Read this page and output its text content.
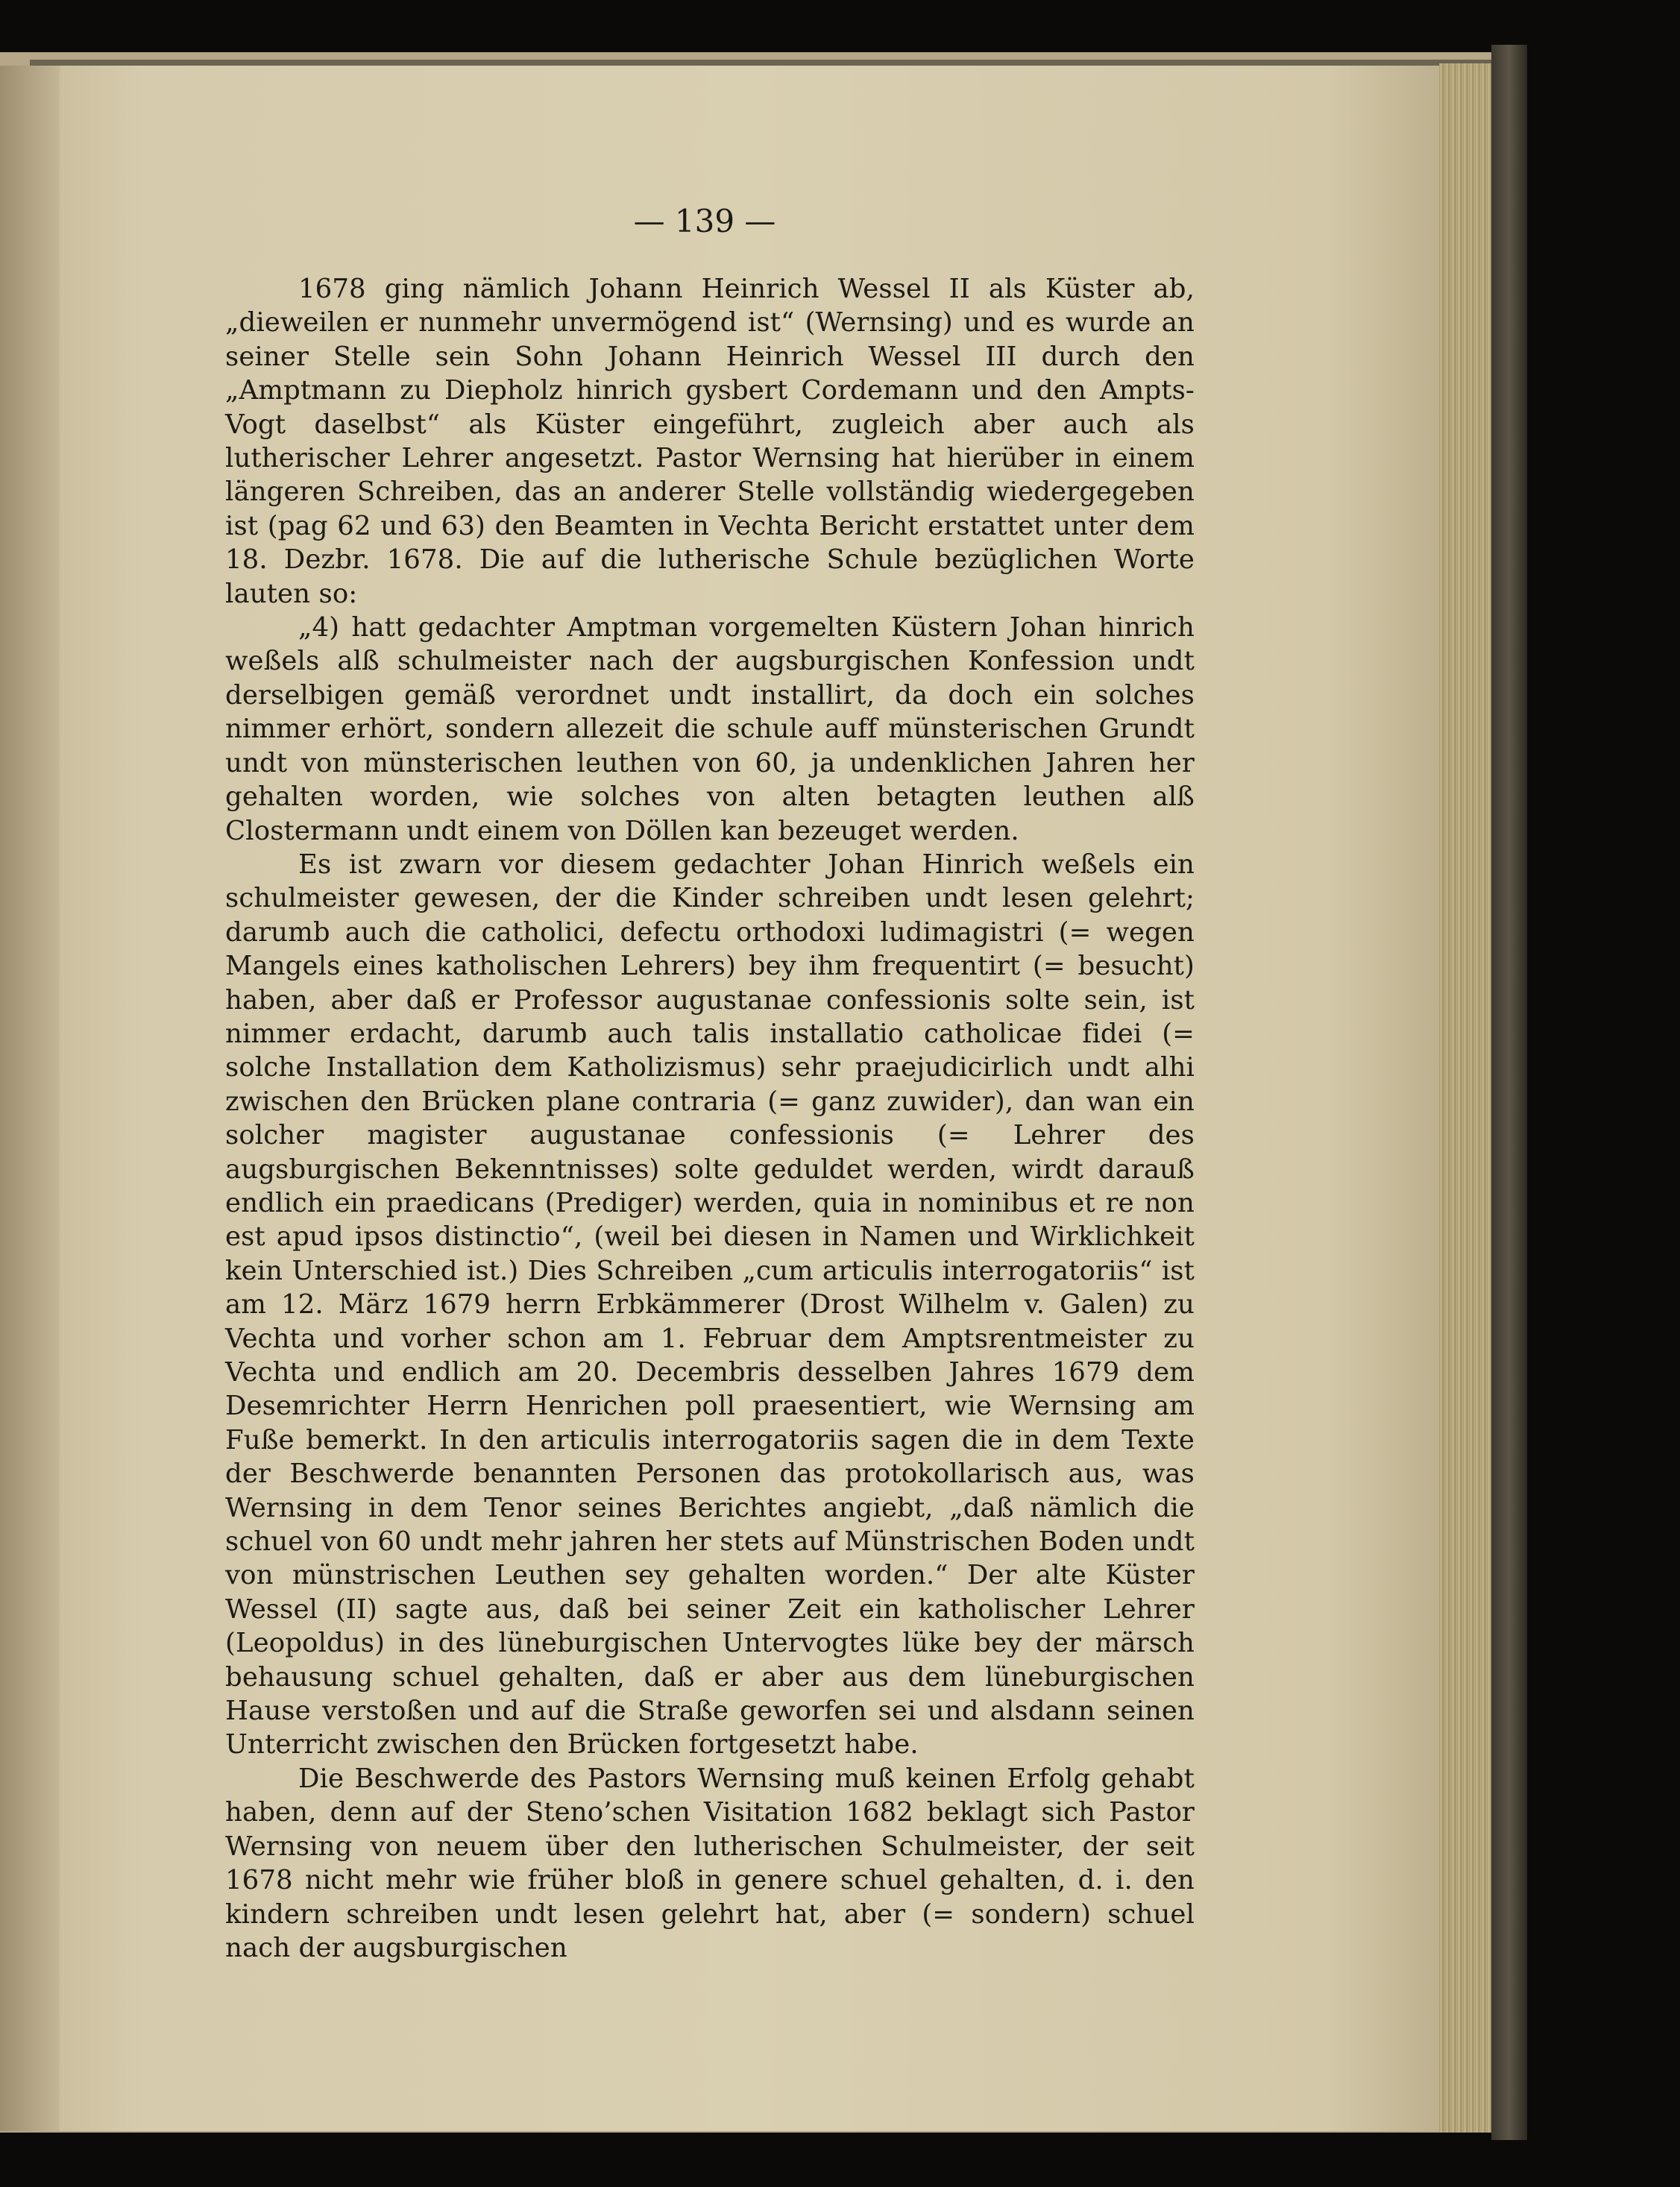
— 139 —

1678 ging nämlich Johann Heinrich Wessel II als Küster ab, „dieweilen er nunmehr unvermögend ist“ (Wernsing) und es wurde an seiner Stelle sein Sohn Johann Heinrich Wessel III durch den „Amptmann zu Diepholz hinrich gysbert Cordemann und den Ampts-Vogt daselbst“ als Küster eingeführt, zugleich aber auch als lutherischer Lehrer angesetzt. Pastor Wernsing hat hierüber in einem längeren Schreiben, das an anderer Stelle vollständig wiedergegeben ist (pag 62 und 63) den Beamten in Vechta Bericht erstattet unter dem 18. Dezbr. 1678. Die auf die lutherische Schule bezüglichen Worte lauten so:

„4) hatt gedachter Amptman vorgemelten Küstern Johan hinrich weßels alß schulmeister nach der augsburgischen Konfession undt derselbigen gemäß verordnet undt installirt, da doch ein solches nimmer erhört, sondern allezeit die schule auff münsterischen Grundt undt von münsterischen leuthen von 60, ja undenklichen Jahren her gehalten worden, wie solches von alten betagten leuthen alß Clostermann undt einem von Döllen kan bezeuget werden.

Es ist zwarn vor diesem gedachter Johan Hinrich weßels ein schulmeister gewesen, der die Kinder schreiben undt lesen gelehrt; darumb auch die catholici, defectu orthodoxi ludimagistri (= wegen Mangels eines katholischen Lehrers) bey ihm frequentirt (= besucht) haben, aber daß er Professor augustanae confessionis solte sein, ist nimmer erdacht, darumb auch talis installatio catholicae fidei (= solche Installation dem Katholizismus) sehr praejudicirlich undt alhi zwischen den Brücken plane contraria (= ganz zuwider), dan wan ein solcher magister augustanae confessionis (= Lehrer des augsburgischen Bekenntnisses) solte geduldet werden, wirdt darauß endlich ein praedicans (Prediger) werden, quia in nominibus et re non est apud ipsos distinctio“, (weil bei diesen in Namen und Wirklichkeit kein Unterschied ist.) Dies Schreiben „cum articulis interrogatoriis“ ist am 12. März 1679 herrn Erbkämmerer (Drost Wilhelm v. Galen) zu Vechta und vorher schon am 1. Februar dem Amptsrentmeister zu Vechta und endlich am 20. Decembris desselben Jahres 1679 dem Desemrichter Herrn Henrichen poll praesentiert, wie Wernsing am Fuße bemerkt. In den articulis interrogatoriis sagen die in dem Texte der Beschwerde benannten Personen das protokollarisch aus, was Wernsing in dem Tenor seines Berichtes angiebt, „daß nämlich die schuel von 60 undt mehr jahren her stets auf Münstrischen Boden undt von münstrischen Leuthen sey gehalten worden.“ Der alte Küster Wessel (II) sagte aus, daß bei seiner Zeit ein katholischer Lehrer (Leopoldus) in des lüneburgischen Untervogtes lüke bey der märsch behausung schuel gehalten, daß er aber aus dem lüneburgischen Hause verstoßen und auf die Straße geworfen sei und alsdann seinen Unterricht zwischen den Brücken fortgesetzt habe.

Die Beschwerde des Pastors Wernsing muß keinen Erfolg gehabt haben, denn auf der Steno’schen Visitation 1682 beklagt sich Pastor Wernsing von neuem über den lutherischen Schulmeister, der seit 1678 nicht mehr wie früher bloß in genere schuel gehalten, d. i. den kindern schreiben undt lesen gelehrt hat, aber (= sondern) schuel nach der augsburgischen
